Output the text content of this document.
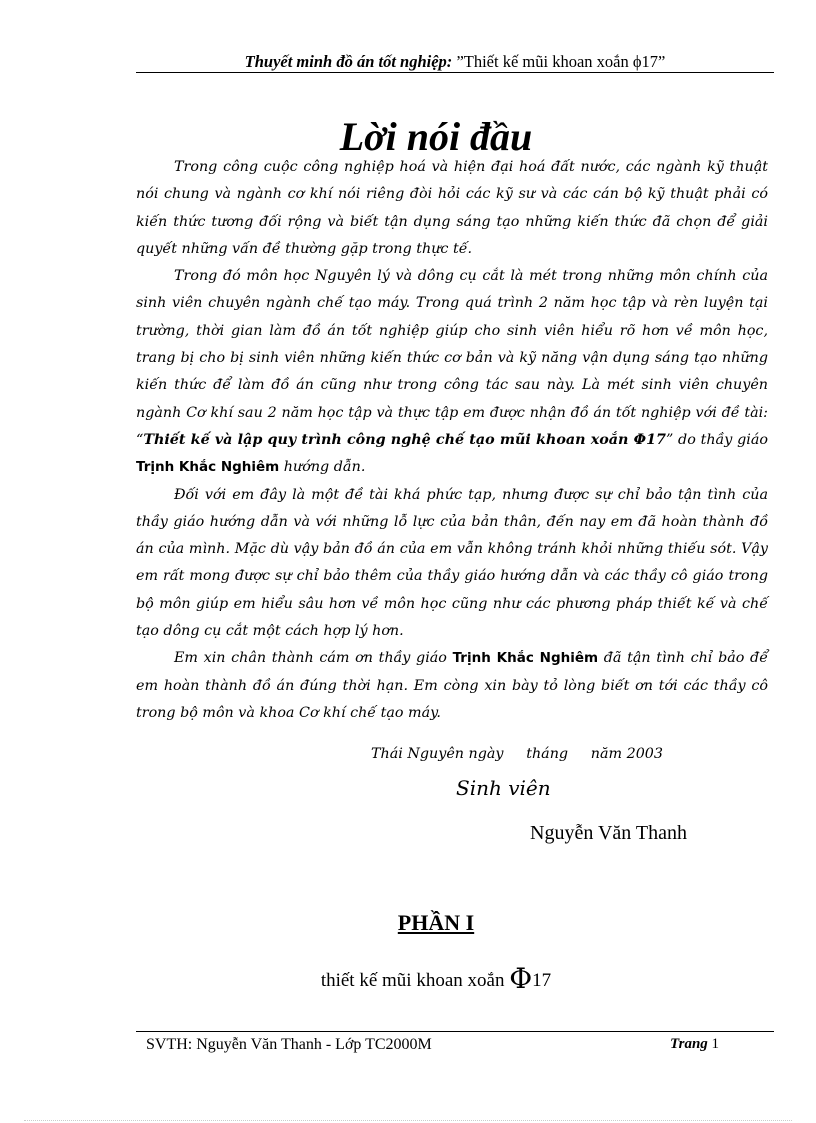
Thuyết minh đồ án tốt nghiệp: ”Thiết kế mũi khoan xoắn ϕ17”
Lời nói đầu

Trong công cuộc công nghiệp hoá và hiện đại hoá đất nước, các ngành kỹ thuật nói chung và ngành cơ khí nói riêng đòi hỏi các kỹ sư và các cán bộ kỹ thuật phải có kiến thức tương đối rộng và biết tận dụng sáng tạo những kiến thức đã chọn để giải quyết những vấn đề thường gặp trong thực tế.

Trong đó môn học Nguyên lý và dông cụ cắt là mét trong những môn chính của sinh viên chuyên ngành chế tạo máy. Trong quá trình 2 năm học tập và rèn luyện tại trường, thời gian làm đồ án tốt nghiệp giúp cho sinh viên hiểu rõ hơn về môn học, trang bị cho bị sinh viên những kiến thức cơ bản và kỹ năng vận dụng sáng tạo những kiến thức để làm đồ án cũng như trong công tác sau này. Là mét sinh viên chuyên ngành Cơ khí sau 2 năm học tập và thực tập em được nhận đồ án tốt nghiệp với đề tài: “Thiết kế và lập quy trình công nghệ chế tạo mũi khoan xoắn Φ17” do thầy giáo Trịnh Khắc Nghiêm hướng dẫn.

Đối với em đây là một đề tài khá phức tạp, nhưng được sự chỉ bảo tận tình của thầy giáo hướng dẫn và với những lỗ lực của bản thân, đến nay em đã hoàn thành đồ án của mình. Mặc dù vậy bản đồ án của em vẫn không tránh khỏi những thiếu sót. Vậy em rất mong được sự chỉ bảo thêm của thầy giáo hướng dẫn và các thầy cô giáo trong bộ môn giúp em hiểu sâu hơn về môn học cũng như các phương pháp thiết kế và chế tạo dông cụ cắt một cách hợp lý hơn.

Em xin chân thành cám ơn thầy giáo Trịnh Khắc Nghiêm đã tận tình chỉ bảo để em hoàn thành đồ án đúng thời hạn. Em còng xin bày tỏ lòng biết ơn tới các thầy cô trong bộ môn và khoa Cơ khí chế tạo máy.

Thái Nguyên ngày     tháng     năm 2003
Sinh viên
Nguyễn Văn Thanh
PHẦN I
thiết kế mũi khoan xoắn Φ17
SVTH: Nguyễn Văn Thanh - Lớp TC2000M	Trang 1
